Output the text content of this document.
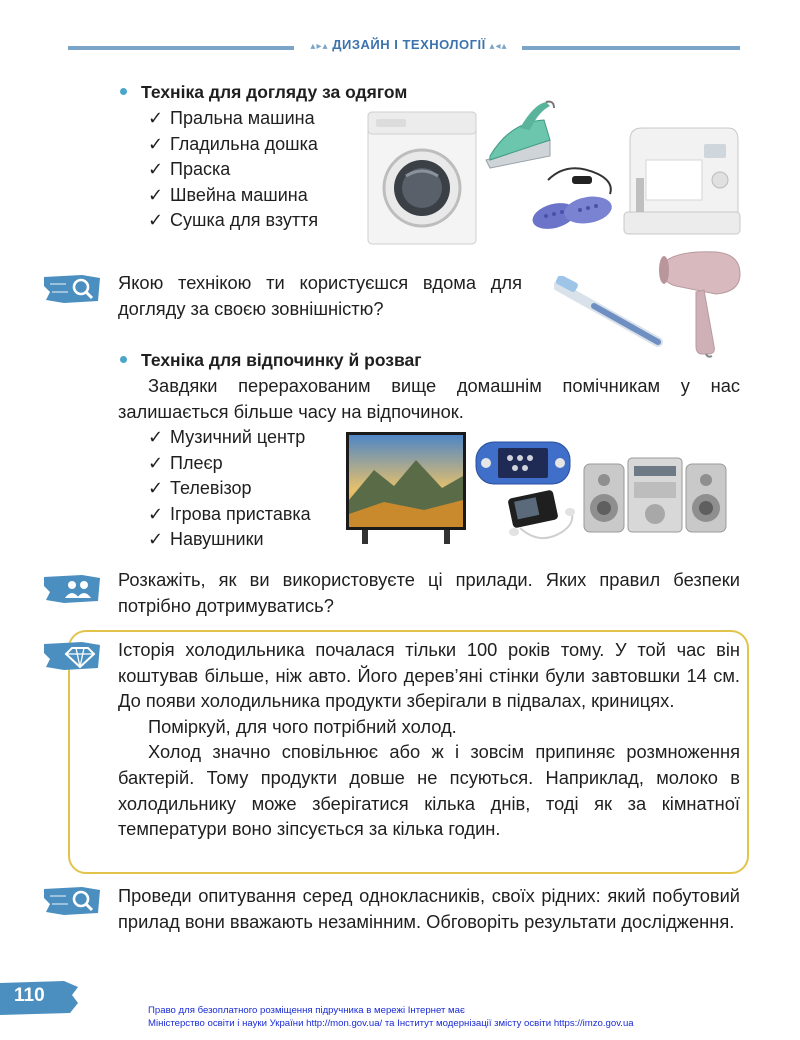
▴▸▴ ДИЗАЙН І ТЕХНОЛОГІЇ ▴◂▴
Техніка для догляду за одягом
✓ Пральна машина
✓ Гладильна дошка
✓ Праска
✓ Швейна машина
✓ Сушка для взуття

Якою технікою ти користуєшся вдома для догляду за своєю зовнішністю?

Техніка для відпочинку й розваг

Завдяки перерахованим вище домашнім помічникам у нас залишається більше часу на відпочинок.

✓ Музичний центр
✓ Плеєр
✓ Телевізор
✓ Ігрова приставка
✓ Навушники

Розкажіть, як ви використовуєте ці прилади. Яких правил безпеки потрібно дотримуватись?

Історія холодильника почалася тільки 100 років тому. У той час він коштував більше, ніж авто. Його дерев’яні стінки були завтовшки 14 см. До появи холодильника продукти зберігали в підвалах, криницях.

Поміркуй, для чого потрібний холод.

Холод значно сповільнює або ж і зовсім припиняє розмноження бактерій. Тому продукти довше не псуються. Наприклад, молоко в холодильнику може зберігатися кілька днів, тоді як за кімнатної температури воно зіпсується за кілька годин.

Проведи опитування серед однокласників, своїх рідних: який побутовий прилад вони вважають незамінним. Обговоріть результати дослідження.

110
Право для безоплатного розміщення підручника в мережі Інтернет має
Міністерство освіти і науки України http://mon.gov.ua/ та Інститут модернізації змісту освіти https://imzo.gov.ua
